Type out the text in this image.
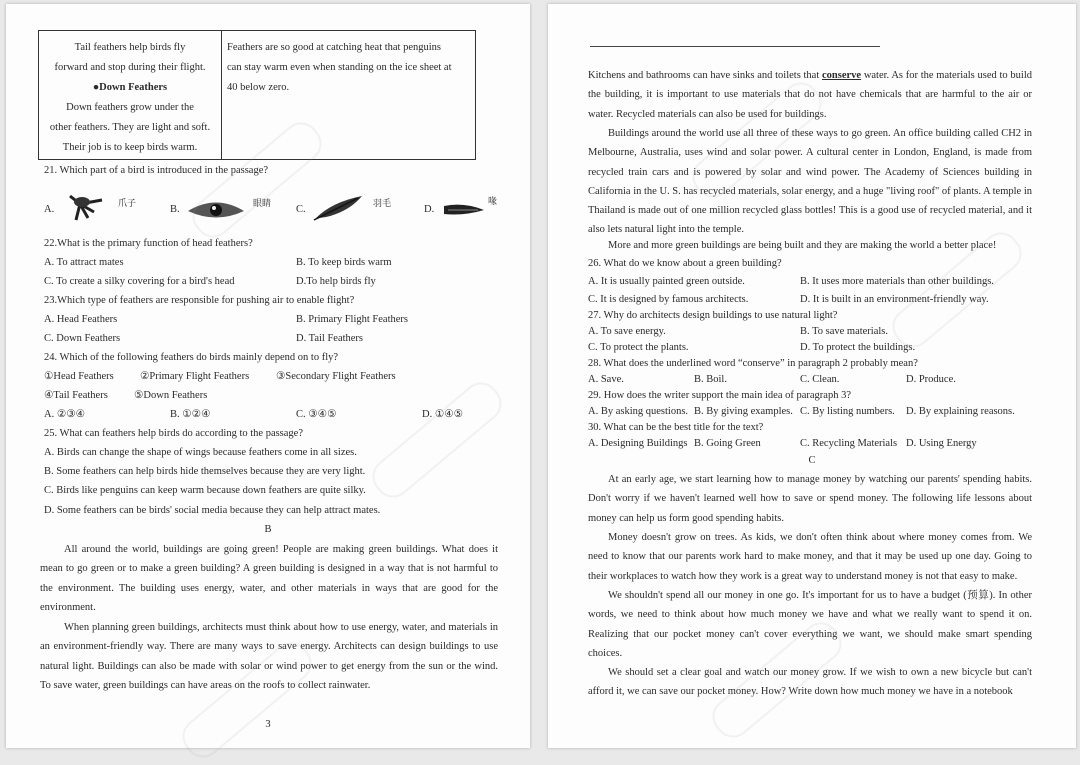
Tail feathers help birds fly
forward and stop during their flight.
●Down Feathers
Down feathers grow under the
other feathers. They are light and soft.
Their job is to keep birds warm.
Feathers are so good at catching heat that penguins
can stay warm even when standing on the ice sheet at
40 below zero.
21. Which part of a bird is introduced in the passage?
A.
爪子
B.
眼睛
C.
羽毛
D.
喙
22.What is the primary function of head feathers?
A. To attract mates	B. To keep birds warm
C. To create a silky covering for a bird's head	D.To help birds fly
23.Which type of feathers are responsible for pushing air to enable flight?
A. Head Feathers	B. Primary Flight Feathers
C. Down Feathers	D. Tail Feathers
24. Which of the following feathers do birds mainly depend on to fly?
①Head Feathers ②Primary Flight Feathers	③Secondary Flight Feathers
④Tail Feathers ⑤Down Feathers
A. ②③④	B. ①②④	C. ③④⑤	D. ①④⑤
25. What can feathers help birds do according to the passage?
A. Birds can change the shape of wings because feathers come in all sizes.
B. Some feathers can help birds hide themselves because they are very light.
C. Birds like penguins can keep warm because down feathers are quite silky.
D. Some feathers can be birds' social media because they can help attract mates.
B
All around the world, buildings are going green! People are making green buildings. What does it mean to go green or to make a green building? A green building is designed in a way that is not harmful to the environment. The building uses energy, water, and other materials in ways that are good for the environment.
When planning green buildings, architects must think about how to use energy, water, and materials in an environment-friendly way. There are many ways to save energy. Architects can design buildings to use natural light. Buildings can also be made with solar or wind power to get energy from the sun or the wind. To save water, green buildings can have areas on the roofs to collect rainwater.
3
Kitchens and bathrooms can have sinks and toilets that conserve water. As for the materials used to build the building, it is important to use materials that do not have chemicals that are harmful to the air or water. Recycled materials can also be used for buildings.
Buildings around the world use all three of these ways to go green. An office building called CH2 in Melbourne, Australia, uses wind and solar power. A cultural center in London, England, is made from recycled train cars and is powered by solar and wind power. The Academy of Sciences building in California in the U. S. has recycled materials, solar energy, and a huge "living roof" of plants. A temple in Thailand is made out of one million recycled glass bottles! This is a good use of recycled material, and it also lets natural light into the temple.
More and more green buildings are being built and they are making the world a better place!
26. What do we know about a green building?
A. It is usually painted green outside.	B. It uses more materials than other buildings.
C. It is designed by famous architects.	D. It is built in an environment-friendly way.
27. Why do architects design buildings to use natural light?
A. To save energy.	B. To save materials.
C. To protect the plants.	D. To protect the buildings.
28. What does the underlined word “conserve” in paragraph 2 probably mean?
A. Save.	B. Boil.	C. Clean.	D. Produce.
29. How does the writer support the main idea of paragraph 3?
A. By asking questions. B. By giving examples. C. By listing numbers. D. By explaining reasons.
30. What can be the best title for the text?
A. Designing Buildings B. Going Green	C. Recycling Materials D. Using Energy
C
At an early age, we start learning how to manage money by watching our parents' spending habits. Don't worry if we haven't learned well how to save or spend money. The following life lessons about money can help us form good spending habits.
Money doesn't grow on trees. As kids, we don't often think about where money comes from. We need to know that our parents work hard to make money, and that it may be used up one day. Going to their workplaces to watch how they work is a great way to understand money is not that easy to make.
We shouldn't spend all our money in one go. It's important for us to have a budget (预算). In other words, we need to think about how much money we have and what we really want to spend it on. Realizing that our pocket money can't cover everything we want, we should make smart spending choices.
We should set a clear goal and watch our money grow. If we wish to own a new bicycle but can't afford it, we can save our pocket money. How? Write down how much money we have in a notebook
